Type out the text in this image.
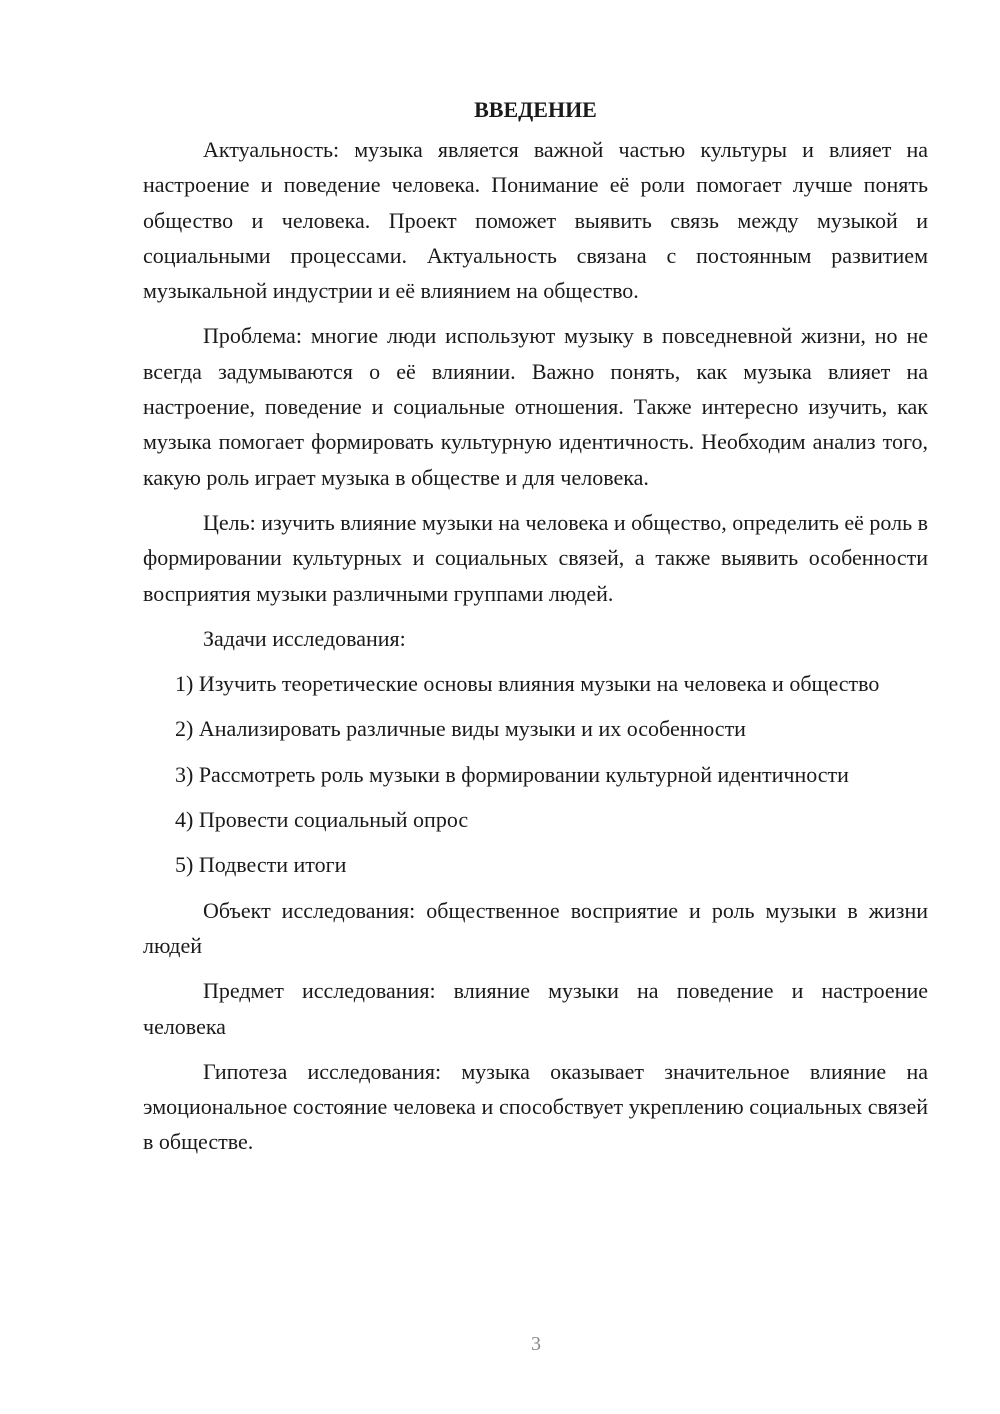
ВВЕДЕНИЕ

Актуальность: музыка является важной частью культуры и влияет на настроение и поведение человека. Понимание её роли помогает лучше понять общество и человека. Проект поможет выявить связь между музыкой и социальными процессами. Актуальность связана с постоянным развитием музыкальной индустрии и её влиянием на общество.

Проблема: многие люди используют музыку в повседневной жизни, но не всегда задумываются о её влиянии. Важно понять, как музыка влияет на настроение, поведение и социальные отношения. Также интересно изучить, как музыка помогает формировать культурную идентичность. Необходим анализ того, какую роль играет музыка в обществе и для человека.

Цель: изучить влияние музыки на человека и общество, определить её роль в формировании культурных и социальных связей, а также выявить особенности восприятия музыки различными группами людей.

Задачи исследования:

1) Изучить теоретические основы влияния музыки на человека и общество

2) Анализировать различные виды музыки и их особенности

3) Рассмотреть роль музыки в формировании культурной идентичности

4) Провести социальный опрос

5) Подвести итоги

Объект исследования: общественное восприятие и роль музыки в жизни людей

Предмет исследования: влияние музыки на поведение и настроение человека

Гипотеза исследования: музыка оказывает значительное влияние на эмоциональное состояние человека и способствует укреплению социальных связей в обществе.

3
